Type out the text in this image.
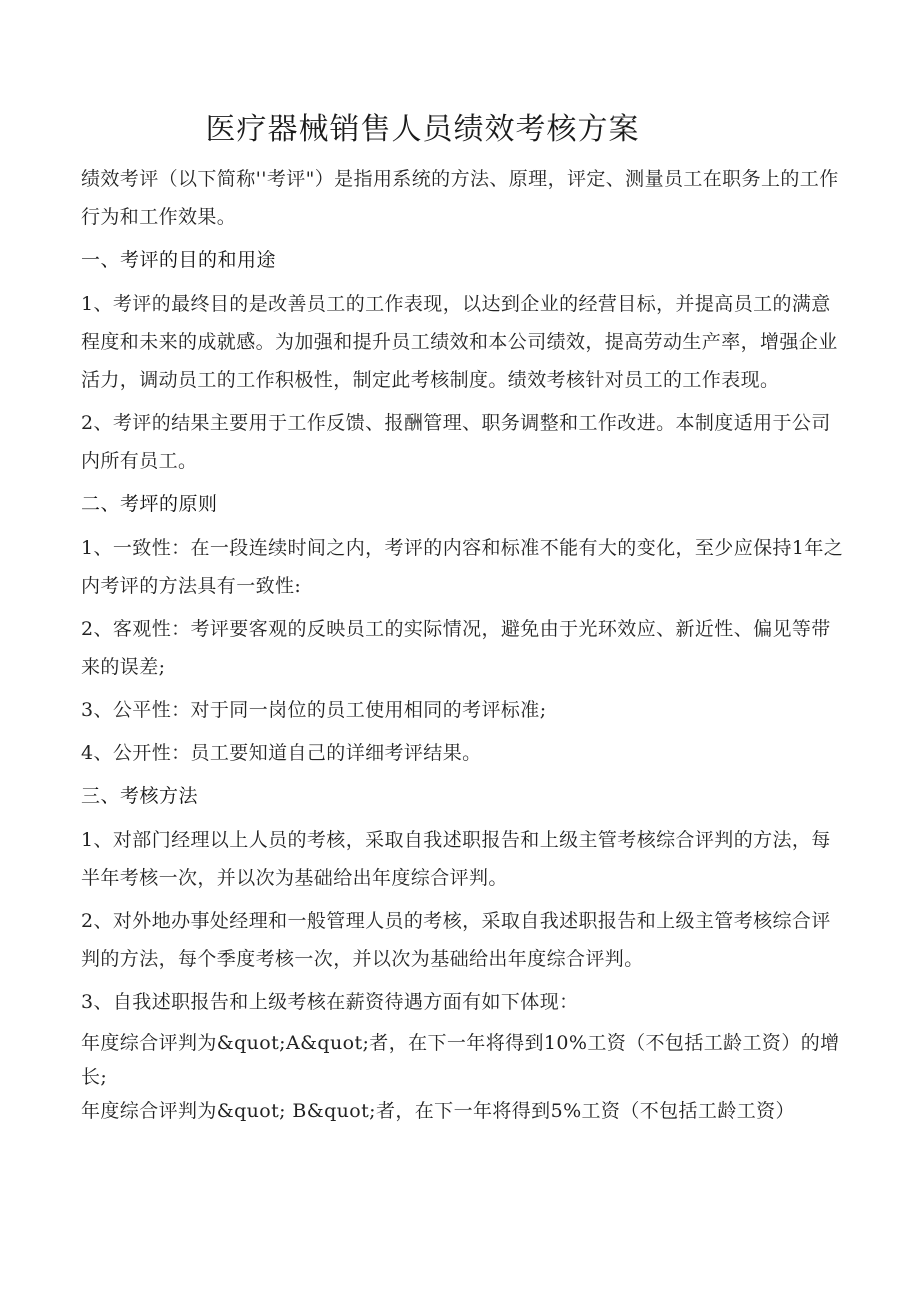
医疗器械销售人员绩效考核方案

绩效考评（以下简称''考评"）是指用系统的方法、原理，评定、测量员工在职务上的工作行为和工作效果。

一、考评的目的和用途

1、考评的最终目的是改善员工的工作表现，以达到企业的经营目标，并提高员工的满意程度和未来的成就感。为加强和提升员工绩效和本公司绩效，提高劳动生产率，增强企业活力，调动员工的工作积极性，制定此考核制度。绩效考核针对员工的工作表现。

2、考评的结果主要用于工作反馈、报酬管理、职务调整和工作改进。本制度适用于公司内所有员工。

二、考坪的原则

1、一致性：在一段连续时间之内，考评的内容和标准不能有大的变化，至少应保持1年之内考评的方法具有一致性:

2、客观性：考评要客观的反映员工的实际情况，避免由于光环效应、新近性、偏见等带来的误差;

3、公平性：对于同一岗位的员工使用相同的考评标准;

4、公开性：员工要知道自己的详细考评结果。

三、考核方法

1、对部门经理以上人员的考核，采取自我述职报告和上级主管考核综合评判的方法，每半年考核一次，并以次为基础给出年度综合评判。

2、对外地办事处经理和一般管理人员的考核，采取自我述职报告和上级主管考核综合评判的方法，每个季度考核一次，并以次为基础给出年度综合评判。

3、自我述职报告和上级考核在薪资待遇方面有如下体现：

年度综合评判为&quot;A&quot;者，在下一年将得到10%工资（不包括工龄工资）的增长;

年度综合评判为&quot; B&quot;者，在下一年将得到5%工资（不包括工龄工资）
